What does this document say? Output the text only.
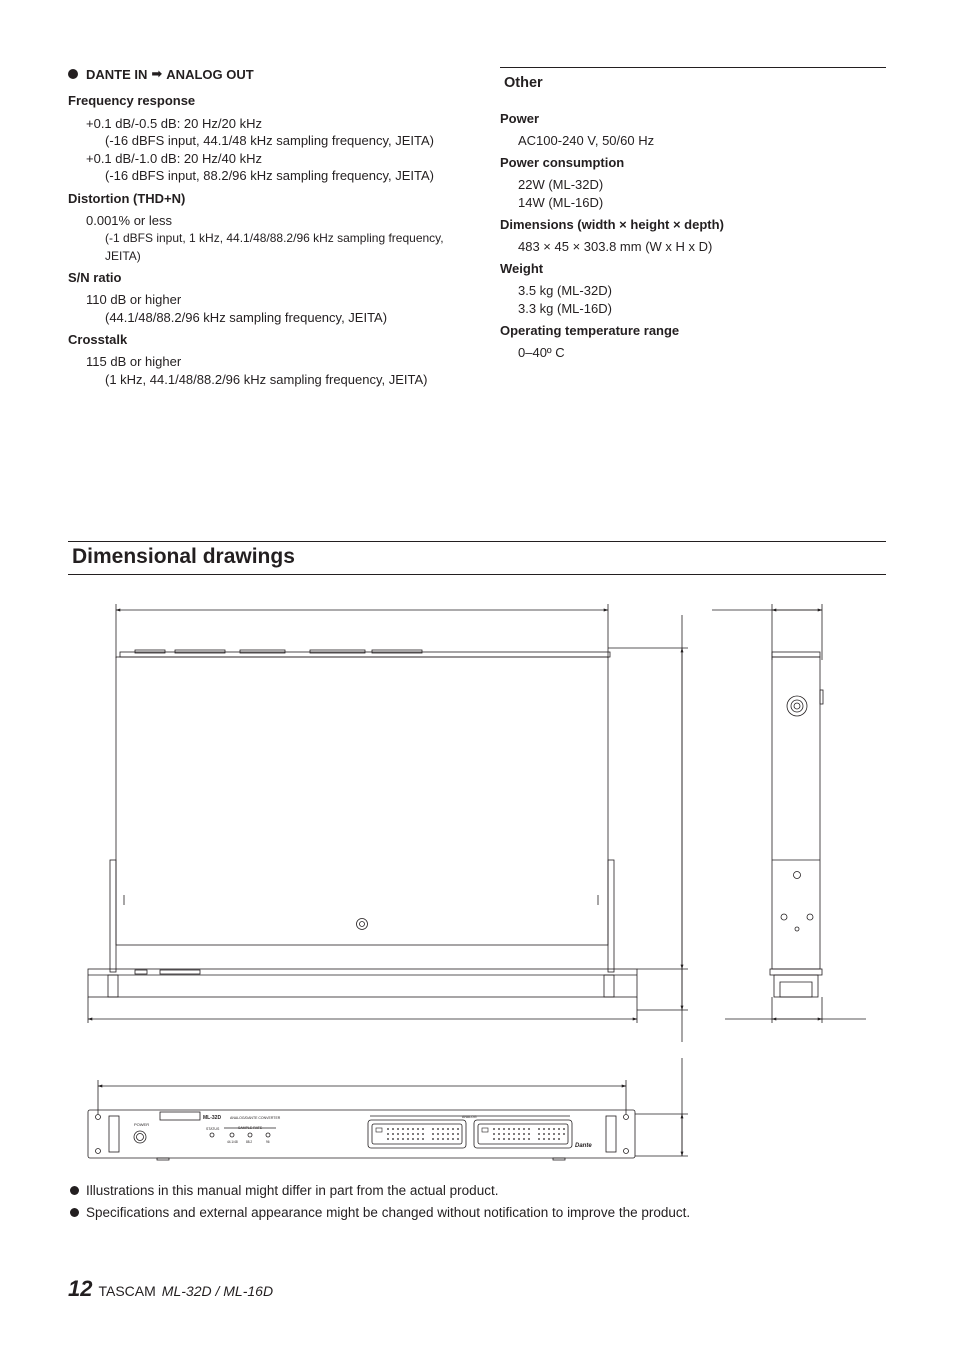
DANTE IN ➡ ANALOG OUT
Frequency response
+0.1 dB/-0.5 dB: 20 Hz/20 kHz
(-16 dBFS input, 44.1/48 kHz sampling frequency, JEITA)
+0.1 dB/-1.0 dB: 20 Hz/40 kHz
(-16 dBFS input, 88.2/96 kHz sampling frequency, JEITA)
Distortion (THD+N)
0.001% or less
(-1 dBFS input, 1 kHz, 44.1/48/88.2/96 kHz sampling frequency, JEITA)
S/N ratio
110 dB or higher
(44.1/48/88.2/96 kHz sampling frequency, JEITA)
Crosstalk
115 dB or higher
(1 kHz, 44.1/48/88.2/96 kHz sampling frequency, JEITA)
Other
Power
AC100-240 V, 50/60 Hz
Power consumption
22W (ML-32D)
14W (ML-16D)
Dimensions (width × height × depth)
483 × 45 × 303.8 mm (W x H x D)
Weight
3.5 kg (ML-32D)
3.3 kg (ML-16D)
Operating temperature range
0–40º C
Dimensional drawings
POWER
ML-32D	ANALOG/DANTE CONVERTER
STATUS	SAMPLE RATE
44.1/48	88.2	96
ANALOG
Dante
Illustrations in this manual might differ in part from the actual product.
Specifications and external appearance might be changed without notification to improve the product.
12 TASCAM ML-32D / ML-16D
